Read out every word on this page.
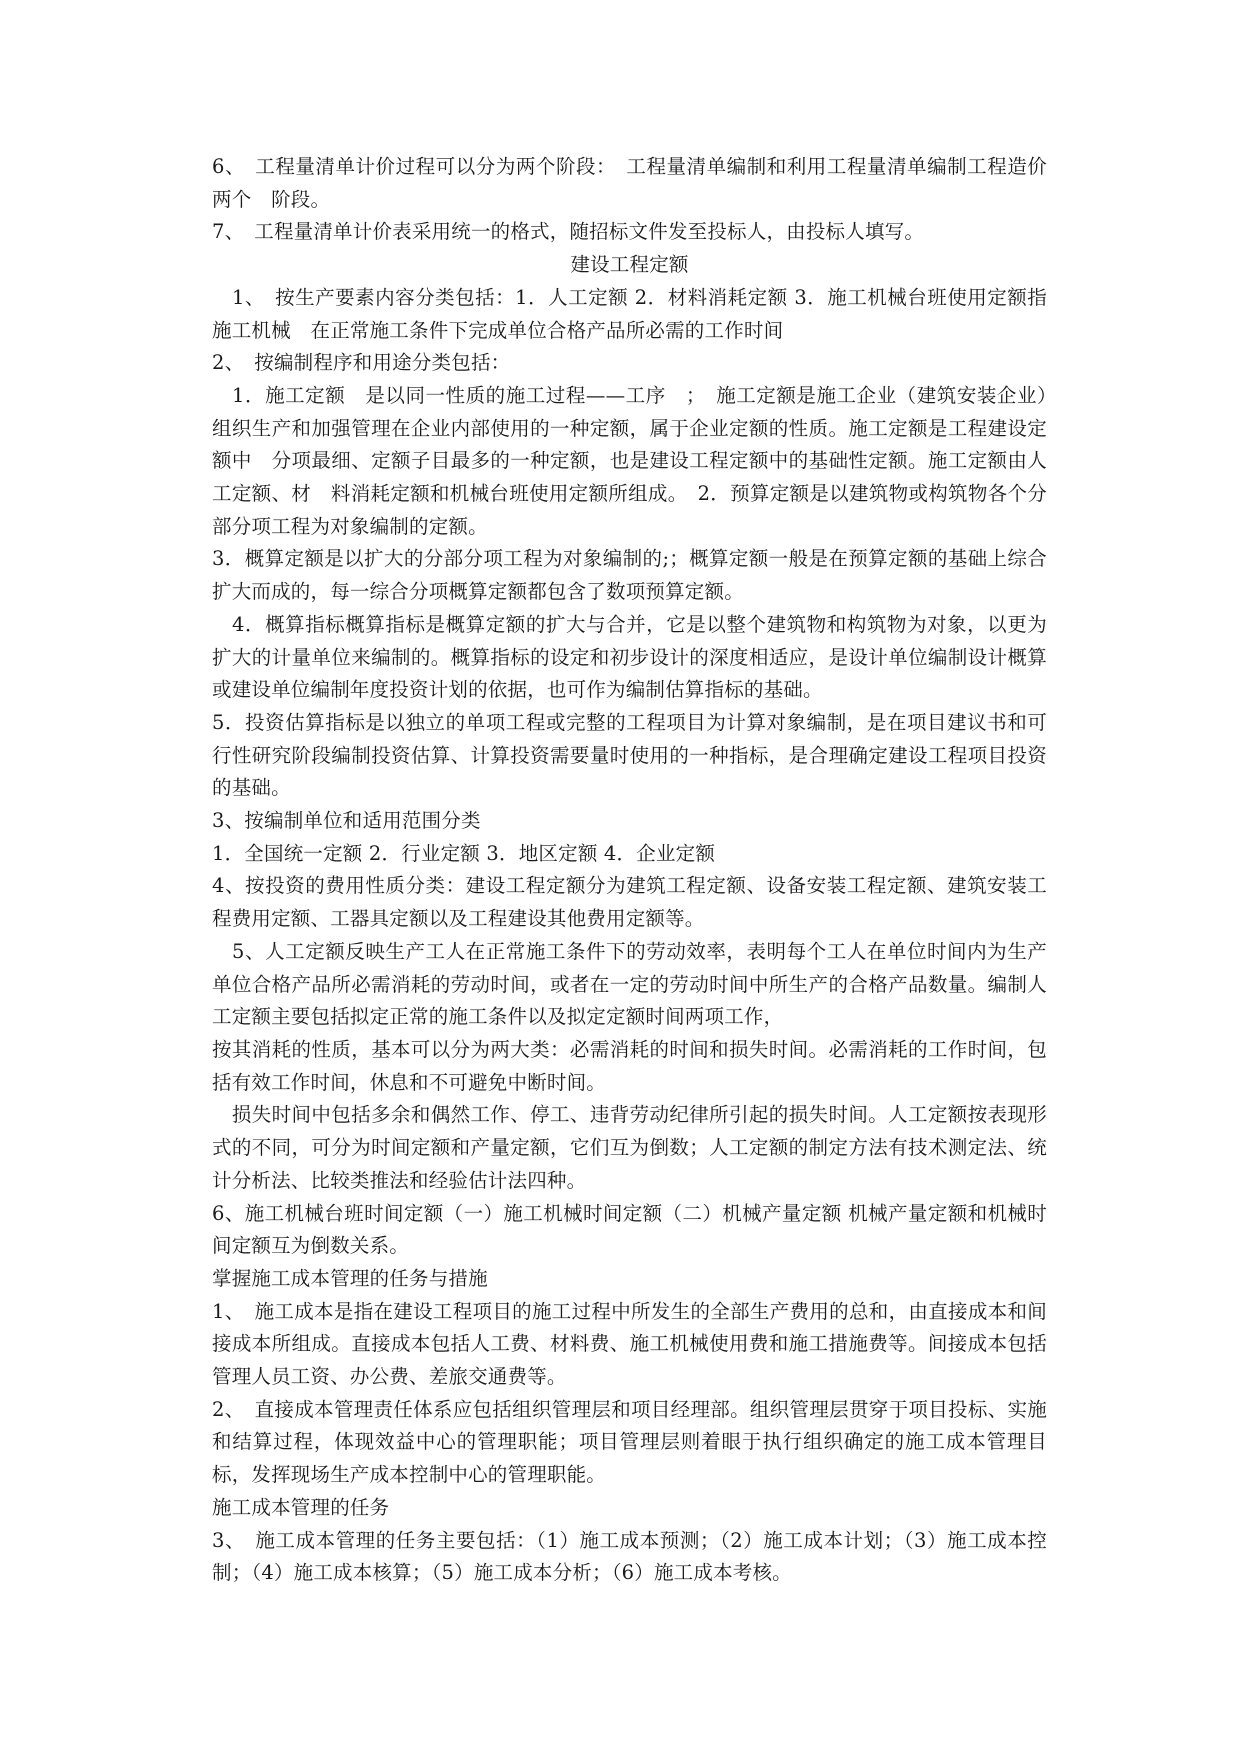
6、　工程量清单计价过程可以分为两个阶段：　工程量清单编制和利用工程量清单编制工程造价两个　阶段。

7、　工程量清单计价表采用统一的格式，随招标文件发至投标人，由投标人填写。

建设工程定额

　1、　按生产要素内容分类包括：1．人工定额 2．材料消耗定额 3．施工机械台班使用定额指施工机械　在正常施工条件下完成单位合格产品所必需的工作时间

2、　按编制程序和用途分类包括：

　1．施工定额　是以同一性质的施工过程——工序　；　施工定额是施工企业（建筑安装企业）　组织生产和加强管理在企业内部使用的一种定额，属于企业定额的性质。施工定额是工程建设定额中　分项最细、定额子目最多的一种定额，也是建设工程定额中的基础性定额。施工定额由人工定额、材　料消耗定额和机械台班使用定额所组成。　2．预算定额是以建筑物或构筑物各个分部分项工程为对象编制的定额。

3．概算定额是以扩大的分部分项工程为对象编制的;；概算定额一般是在预算定额的基础上综合扩大而成的，每一综合分项概算定额都包含了数项预算定额。

　4．概算指标概算指标是概算定额的扩大与合并，它是以整个建筑物和构筑物为对象，以更为扩大的计量单位来编制的。概算指标的设定和初步设计的深度相适应，是设计单位编制设计概算或建设单位编制年度投资计划的依据，也可作为编制估算指标的基础。

5．投资估算指标是以独立的单项工程或完整的工程项目为计算对象编制，是在项目建议书和可行性研究阶段编制投资估算、计算投资需要量时使用的一种指标，是合理确定建设工程项目投资的基础。

3、按编制单位和适用范围分类

1．全国统一定额 2．行业定额 3．地区定额 4．企业定额

4、按投资的费用性质分类：建设工程定额分为建筑工程定额、设备安装工程定额、建筑安装工程费用定额、工器具定额以及工程建设其他费用定额等。

　5、人工定额反映生产工人在正常施工条件下的劳动效率，表明每个工人在单位时间内为生产单位合格产品所必需消耗的劳动时间，或者在一定的劳动时间中所生产的合格产品数量。编制人工定额主要包括拟定正常的施工条件以及拟定定额时间两项工作，

按其消耗的性质，基本可以分为两大类：必需消耗的时间和损失时间。必需消耗的工作时间，包括有效工作时间，休息和不可避免中断时间。

　损失时间中包括多余和偶然工作、停工、违背劳动纪律所引起的损失时间。人工定额按表现形式的不同，可分为时间定额和产量定额，它们互为倒数；人工定额的制定方法有技术测定法、统计分析法、比较类推法和经验估计法四种。

6、施工机械台班时间定额（一）施工机械时间定额（二）机械产量定额 机械产量定额和机械时间定额互为倒数关系。

掌握施工成本管理的任务与措施

1、　施工成本是指在建设工程项目的施工过程中所发生的全部生产费用的总和，由直接成本和间接成本所组成。直接成本包括人工费、材料费、施工机械使用费和施工措施费等。间接成本包括管理人员工资、办公费、差旅交通费等。

2、　直接成本管理责任体系应包括组织管理层和项目经理部。组织管理层贯穿于项目投标、实施和结算过程，体现效益中心的管理职能；项目管理层则着眼于执行组织确定的施工成本管理目标，发挥现场生产成本控制中心的管理职能。

施工成本管理的任务

3、　施工成本管理的任务主要包括：（1）施工成本预测；（2）施工成本计划；（3）施工成本控制；（4）施工成本核算；（5）施工成本分析；（6）施工成本考核。
